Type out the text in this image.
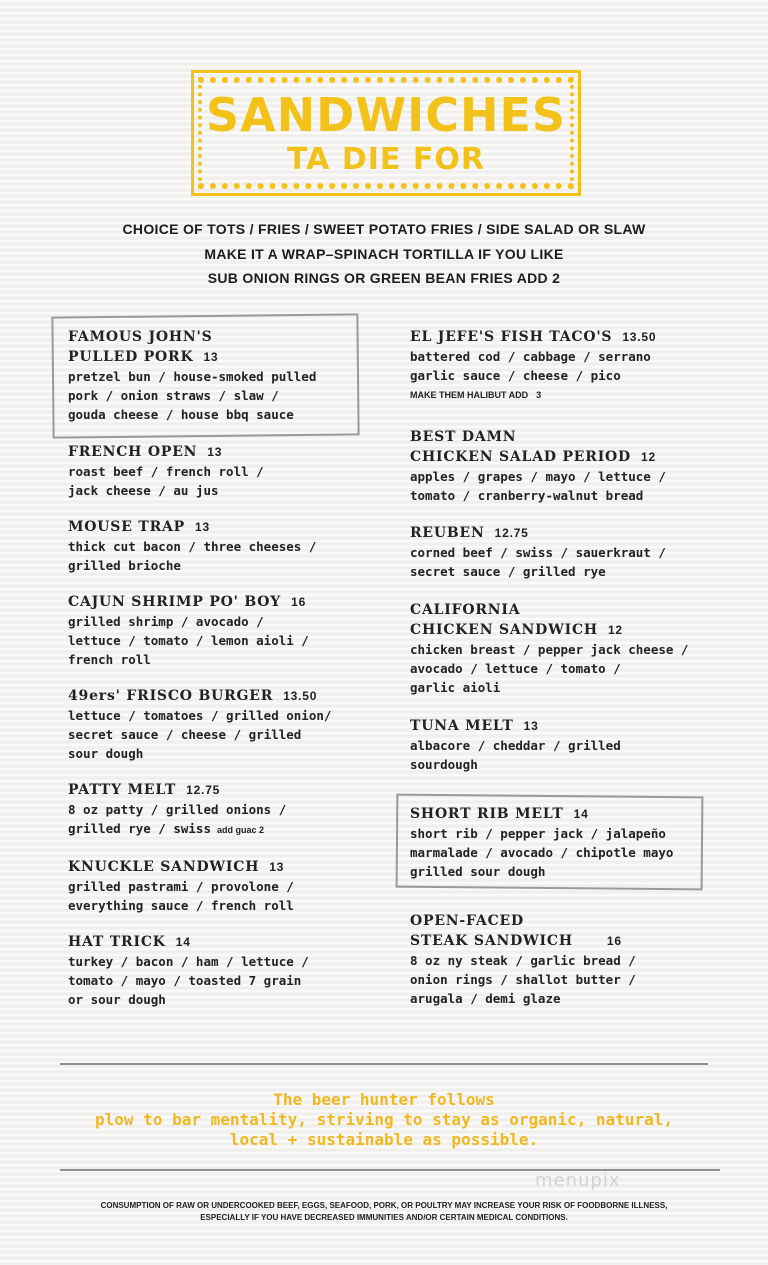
SANDWICHES
TA DIE FOR
CHOICE OF TOTS / FRIES / SWEET POTATO FRIES / SIDE SALAD OR SLAW
MAKE IT A WRAP–SPINACH TORTILLA IF YOU LIKE
SUB ONION RINGS OR GREEN BEAN FRIES ADD 2
FAMOUS JOHN'S
PULLED PORK 13
pretzel bun / house-smoked pulled
pork / onion straws / slaw /
gouda cheese / house bbq sauce
FRENCH OPEN 13
roast beef / french roll /
jack cheese / au jus
MOUSE TRAP 13
thick cut bacon / three cheeses /
grilled brioche
CAJUN SHRIMP PO' BOY 16
grilled shrimp / avocado /
lettuce / tomato / lemon aioli /
french roll
49ers' FRISCO BURGER 13.50
lettuce / tomatoes / grilled onion/
secret sauce / cheese / grilled
sour dough
PATTY MELT 12.75
8 oz patty / grilled onions /
grilled rye / swiss add guac 2
KNUCKLE SANDWICH 13
grilled pastrami / provolone /
everything sauce / french roll
HAT TRICK 14
turkey / bacon / ham / lettuce /
tomato / mayo / toasted 7 grain
or sour dough
EL JEFE'S FISH TACO'S 13.50
battered cod / cabbage / serrano
garlic sauce / cheese / pico
MAKE THEM HALIBUT ADD 3
BEST DAMN
CHICKEN SALAD PERIOD 12
apples / grapes / mayo / lettuce /
tomato / cranberry-walnut bread
REUBEN 12.75
corned beef / swiss / sauerkraut /
secret sauce / grilled rye
CALIFORNIA
CHICKEN SANDWICH 12
chicken breast / pepper jack cheese /
avocado / lettuce / tomato /
garlic aioli
TUNA MELT 13
albacore / cheddar / grilled
sourdough
SHORT RIB MELT 14
short rib / pepper jack / jalapeño
marmalade / avocado / chipotle mayo
grilled sour dough
OPEN-FACED
STEAK SANDWICH	16
8 oz ny steak / garlic bread /
onion rings / shallot butter /
arugala / demi glaze
The beer hunter follows
plow to bar mentality, striving to stay as organic, natural,
local + sustainable as possible.
menupix
CONSUMPTION OF RAW OR UNDERCOOKED BEEF, EGGS, SEAFOOD, PORK, OR POULTRY MAY INCREASE YOUR RISK OF FOODBORNE ILLNESS,
ESPECIALLY IF YOU HAVE DECREASED IMMUNITIES AND/OR CERTAIN MEDICAL CONDITIONS.
